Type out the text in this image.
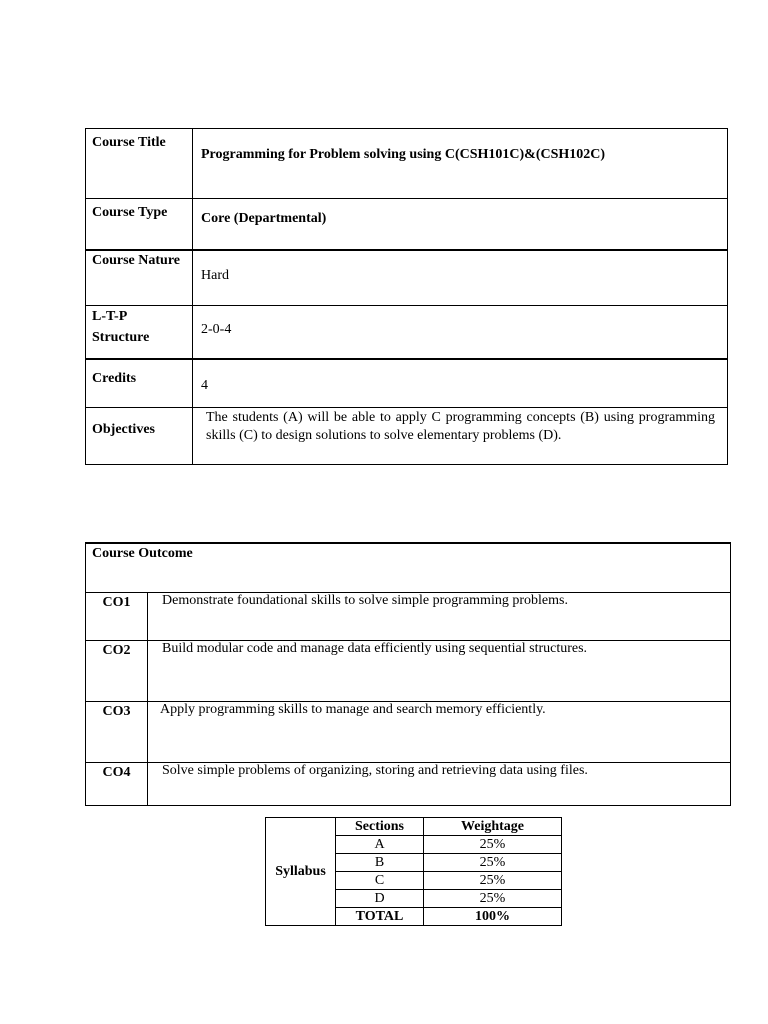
Course Title	Programming for Problem solving using C(CSH101C)&(CSH102C)
Course Type	Core (Departmental)
Course Nature	Hard
L-T-P
Structure	2-0-4
Credits	4
Objectives	The students (A) will be able to apply C programming concepts (B) using programming skills (C) to design solutions to solve elementary problems (D).
Course Outcome	
CO1	Demonstrate foundational skills to solve simple programming problems.
CO2	Build modular code and manage data efficiently using sequential structures.
CO3	Apply programming skills to manage and search memory efficiently.
CO4	Solve simple problems of organizing, storing and retrieving data using files.
Syllabus	Sections	Weightage
	A	25%
	B	25%
	C	25%
	D	25%
	TOTAL	100%
